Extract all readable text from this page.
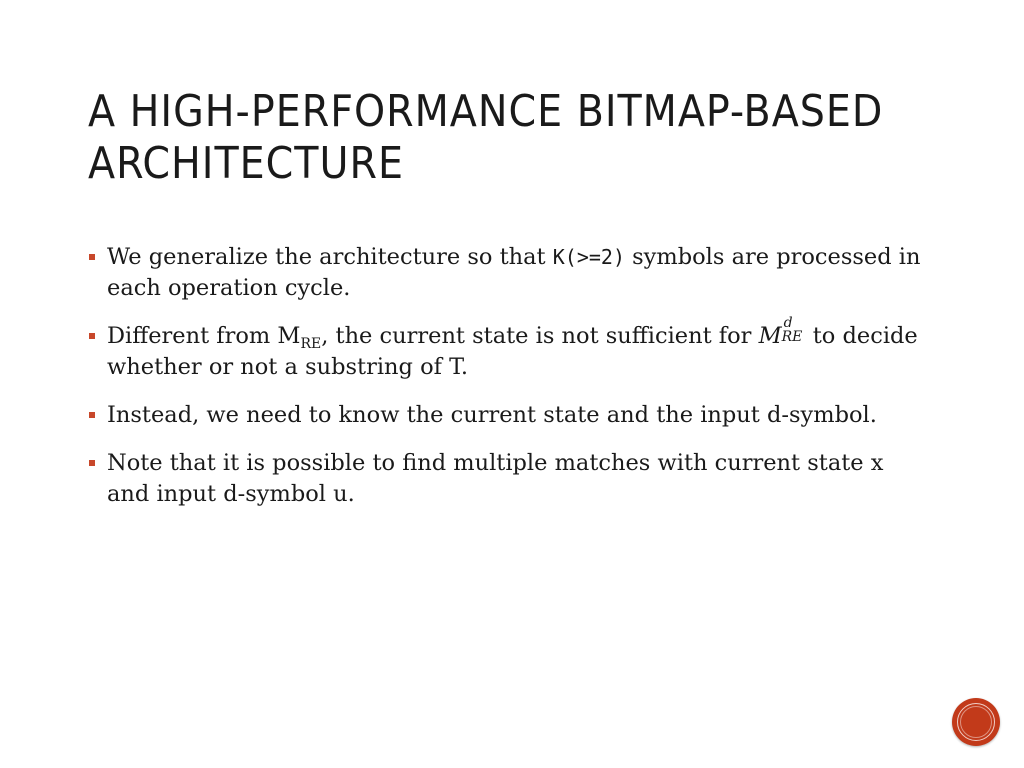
A HIGH-PERFORMANCE BITMAP-BASED ARCHITECTURE
We generalize the architecture so that K(>=2) symbols are processed in each operation cycle.
Different from $M_{RE}$, the current state is not sufficient for M d
RE to decide whether or not a substring of T.
Instead, we need to know the current state and the input d-symbol.
Note that it is possible to find multiple matches with current state x and input d-symbol u.
